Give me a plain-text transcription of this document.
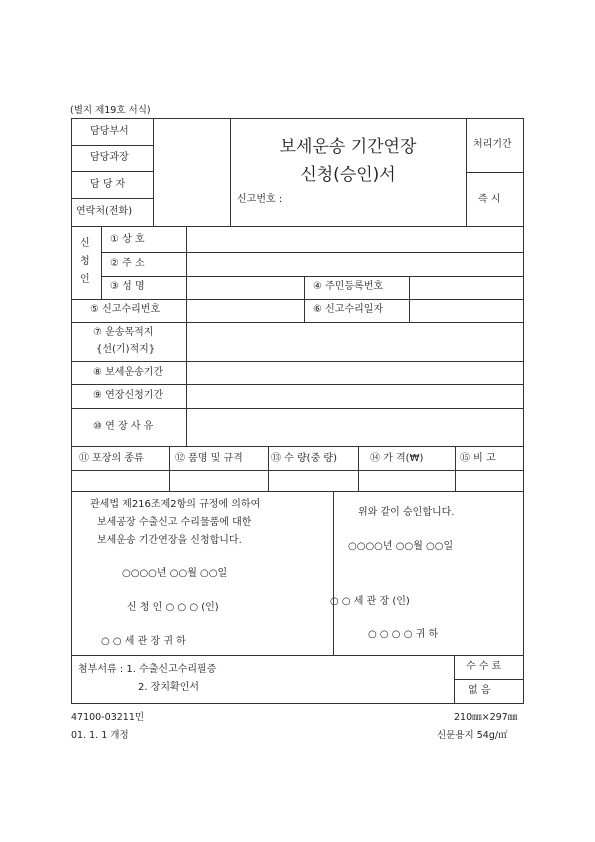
(별지 제19호 서식)
담당부서
담당과장
담 당 자
연락처(전화)
보세운송 기간연장
신청(승인)서
신고번호 :
처리기간
즉 시
신
청
인
① 상 호
② 주 소
③ 성 명	④ 주민등록번호
⑤ 신고수리번호	⑥ 신고수리일자
⑦ 운송목적지
{선(기)적지}
⑧ 보세운송기간
⑨ 연장신청기간
⑩ 연 장 사 유
⑪ 포장의 종류	⑫ 품명 및 규격	⑬ 수 량(중 량)	⑭ 가 격(₩)	⑮ 비 고
관세법 제216조제2항의 규정에 의하여
보세공장 수출신고 수리물품에 대한
보세운송 기간연장을 신청합니다.
○○○○년 ○○월 ○○일
신 청 인 ○ ○ ○ (인)
○ ○ 세 관 장 귀 하
위와 같이 승인합니다.
○○○○년 ○○월 ○○일
○ ○ 세 관 장 (인)
○ ○ ○ ○ 귀 하
첨부서류 : 1. 수출신고수리필증
2. 장치확인서
수 수 료
없 음
47100-03211민
01. 1. 1 개정
210㎜×297㎜
신문용지 54g/㎡
